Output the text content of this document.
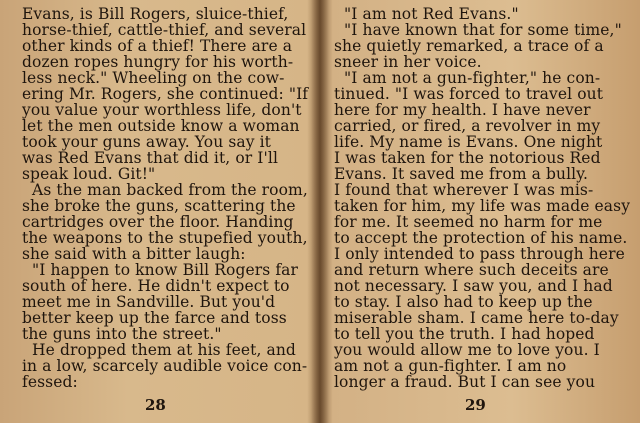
Evans, is Bill Rogers, sluice-thief,
horse-thief, cattle-thief, and several
other kinds of a thief! There are a
dozen ropes hungry for his worth-
less neck." Wheeling on the cow-
ering Mr. Rogers, she continued: "If
you value your worthless life, don't
let the men outside know a woman
took your guns away. You say it
was Red Evans that did it, or I'll
speak loud. Git!"
As the man backed from the room,
she broke the guns, scattering the
cartridges over the floor. Handing
the weapons to the stupefied youth,
she said with a bitter laugh:
"I happen to know Bill Rogers far
south of here. He didn't expect to
meet me in Sandville. But you'd
better keep up the farce and toss
the guns into the street."
He dropped them at his feet, and
in a low, scarcely audible voice con-
fessed:
28
"I am not Red Evans."
"I have known that for some time,"
she quietly remarked, a trace of a
sneer in her voice.
"I am not a gun-fighter," he con-
tinued. "I was forced to travel out
here for my health. I have never
carried, or fired, a revolver in my
life. My name is Evans. One night
I was taken for the notorious Red
Evans. It saved me from a bully.
I found that wherever I was mis-
taken for him, my life was made easy
for me. It seemed no harm for me
to accept the protection of his name.
I only intended to pass through here
and return where such deceits are
not necessary. I saw you, and I had
to stay. I also had to keep up the
miserable sham. I came here to-day
to tell you the truth. I had hoped
you would allow me to love you. I
am not a gun-fighter. I am no
longer a fraud. But I can see you
29
